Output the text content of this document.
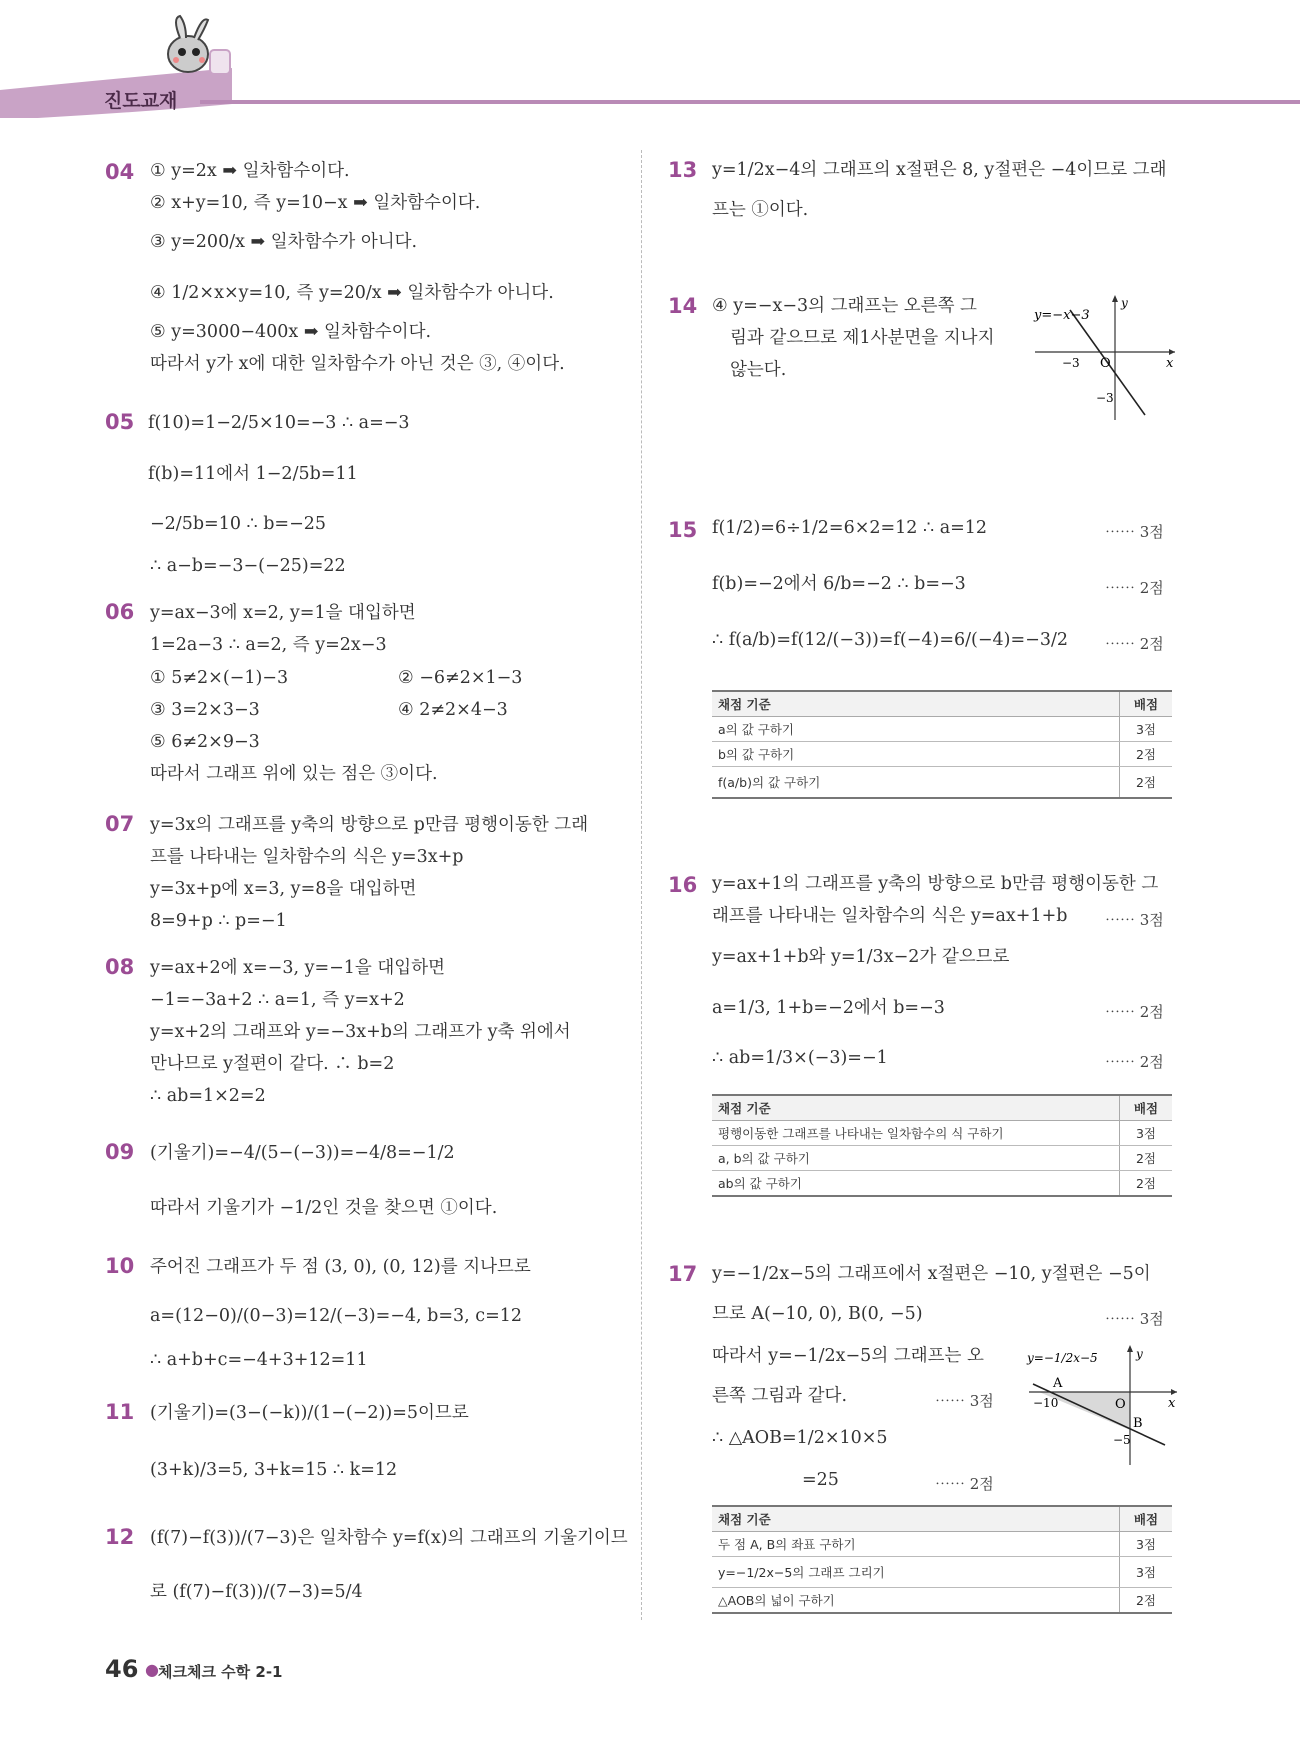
진도교재
04 ① y=2x ➡ 일차함수이다.
② x+y=10, 즉 y=10−x ➡ 일차함수이다.
③ y=200/x ➡ 일차함수가 아니다.
④ 1/2×x×y=10, 즉 y=20/x ➡ 일차함수가 아니다.
⑤ y=3000−400x ➡ 일차함수이다.
따라서 y가 x에 대한 일차함수가 아닌 것은 ③, ④이다.
05 f(10)=1−2/5×10=−3 ∴ a=−3
f(b)=11에서 1−2/5b=11
−2/5b=10 ∴ b=−25
∴ a−b=−3−(−25)=22
06 y=ax−3에 x=2, y=1을 대입하면
1=2a−3 ∴ a=2, 즉 y=2x−3
① 5≠2×(−1)−3	② −6≠2×1−3
③ 3=2×3−3	④ 2≠2×4−3
⑤ 6≠2×9−3
따라서 그래프 위에 있는 점은 ③이다.
07 y=3x의 그래프를 y축의 방향으로 p만큼 평행이동한 그래
프를 나타내는 일차함수의 식은 y=3x+p
y=3x+p에 x=3, y=8을 대입하면
8=9+p ∴ p=−1
08 y=ax+2에 x=−3, y=−1을 대입하면
−1=−3a+2 ∴ a=1, 즉 y=x+2
y=x+2의 그래프와 y=−3x+b의 그래프가 y축 위에서
만나므로 y절편이 같다. ∴ b=2
∴ ab=1×2=2
09 (기울기)=−4/(5−(−3))=−4/8=−1/2
따라서 기울기가 −1/2인 것을 찾으면 ①이다.
10 주어진 그래프가 두 점 (3, 0), (0, 12)를 지나므로
a=(12−0)/(0−3)=12/(−3)=−4, b=3, c=12
∴ a+b+c=−4+3+12=11
11 (기울기)=(3−(−k))/(1−(−2))=5이므로
(3+k)/3=5, 3+k=15 ∴ k=12
12 (f(7)−f(3))/(7−3)은 일차함수 y=f(x)의 그래프의 기울기이므
로 (f(7)−f(3))/(7−3)=5/4
13 y=1/2x−4의 그래프의 x절편은 8, y절편은 −4이므로 그래
프는 ①이다.
14 ④ y=−x−3의 그래프는 오른쪽 그
림과 같으므로 제1사분면을 지나지
않는다.
y=−x−3
y
x
O
−3
−3
15 f(1/2)=6÷1/2=6×2=12 ∴ a=12
f(b)=−2에서 6/b=−2 ∴ b=−3
∴ f(a/b)=f(12/(−3))=f(−4)=6/(−4)=−3/2
⋯⋯ 3점
⋯⋯ 2점
⋯⋯ 2점
채점 기준	배점
a의 값 구하기	3점
b의 값 구하기	2점
f(a/b)의 값 구하기	2점
16 y=ax+1의 그래프를 y축의 방향으로 b만큼 평행이동한 그
래프를 나타내는 일차함수의 식은 y=ax+1+b
y=ax+1+b와 y=1/3x−2가 같으므로
a=1/3, 1+b=−2에서 b=−3
∴ ab=1/3×(−3)=−1
⋯⋯ 3점
⋯⋯ 2점
⋯⋯ 2점
채점 기준	배점
평행이동한 그래프를 나타내는 일차함수의 식 구하기	3점
a, b의 값 구하기	2점
ab의 값 구하기	2점
17 y=−1/2x−5의 그래프에서 x절편은 −10, y절편은 −5이
므로 A(−10, 0), B(0, −5)
따라서 y=−1/2x−5의 그래프는 오
른쪽 그림과 같다.
∴ △AOB=1/2×10×5
=25
⋯⋯ 3점
⋯⋯ 3점
⋯⋯ 2점
y=−1/2x−5	y
x
O
A
B
−10
−5
채점 기준	배점
두 점 A, B의 좌표 구하기	3점
y=−1/2x−5의 그래프 그리기	3점
△AOB의 넓이 구하기	2점
46 ● 체크체크 수학 2-1
